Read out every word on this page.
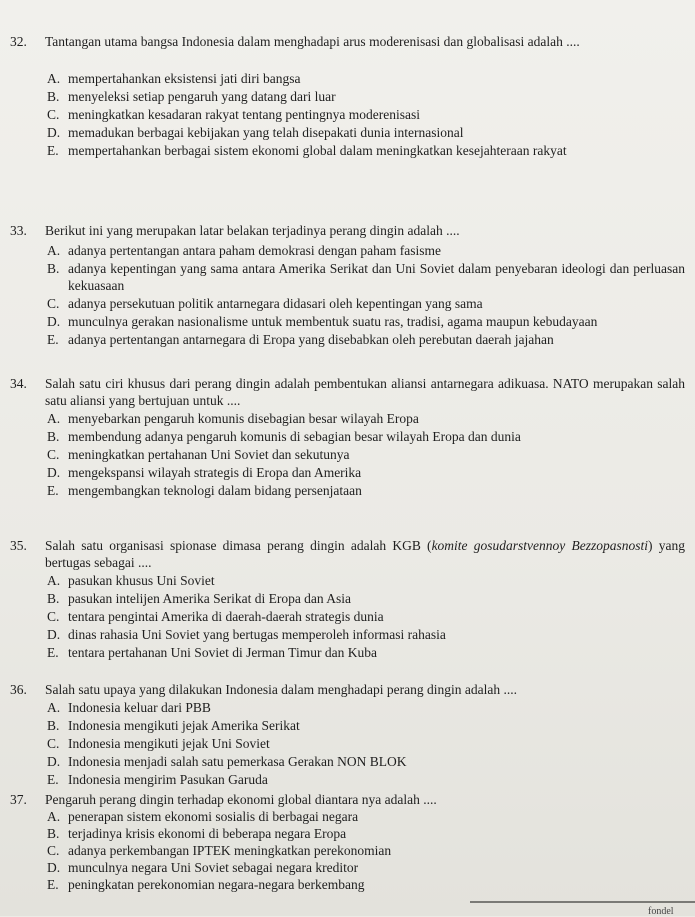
32. Tantangan utama bangsa Indonesia dalam menghadapi arus moderenisasi dan globalisasi adalah ....
A. mempertahankan eksistensi jati diri bangsa
B. menyeleksi setiap pengaruh yang datang dari luar
C. meningkatkan kesadaran rakyat tentang pentingnya moderenisasi
D. memadukan berbagai kebijakan yang telah disepakati dunia internasional
E. mempertahankan berbagai sistem ekonomi global dalam meningkatkan kesejahteraan rakyat
33. Berikut ini yang merupakan latar belakan terjadinya perang dingin adalah ....
A. adanya pertentangan antara paham demokrasi dengan paham fasisme
B. adanya kepentingan yang sama antara Amerika Serikat dan Uni Soviet dalam penyebaran ideologi dan perluasan kekuasaan
C. adanya persekutuan politik antarnegara didasari oleh kepentingan yang sama
D. munculnya gerakan nasionalisme untuk membentuk suatu ras, tradisi, agama maupun kebudayaan
E. adanya pertentangan antarnegara di Eropa yang disebabkan oleh perebutan daerah jajahan
34. Salah satu ciri khusus dari perang dingin adalah pembentukan aliansi antarnegara adikuasa. NATO merupakan salah satu aliansi yang bertujuan untuk ....
A. menyebarkan pengaruh komunis disebagian besar wilayah Eropa
B. membendung adanya pengaruh komunis di sebagian besar wilayah Eropa dan dunia
C. meningkatkan pertahanan Uni Soviet dan sekutunya
D. mengekspansi wilayah strategis di Eropa dan Amerika
E. mengembangkan teknologi dalam bidang persenjataan
35. Salah satu organisasi spionase dimasa perang dingin adalah KGB (komite gosudarstvennoy Bezzopasnosti) yang bertugas sebagai ....
A. pasukan khusus Uni Soviet
B. pasukan intelijen Amerika Serikat di Eropa dan Asia
C. tentara pengintai Amerika di daerah-daerah strategis dunia
D. dinas rahasia Uni Soviet yang bertugas memperoleh informasi rahasia
E. tentara pertahanan Uni Soviet di Jerman Timur dan Kuba
36. Salah satu upaya yang dilakukan Indonesia dalam menghadapi perang dingin adalah ....
A. Indonesia keluar dari PBB
B. Indonesia mengikuti jejak Amerika Serikat
C. Indonesia mengikuti jejak Uni Soviet
D. Indonesia menjadi salah satu pemerkasa Gerakan NON BLOK
E. Indonesia mengirim Pasukan Garuda
37. Pengaruh perang dingin terhadap ekonomi global diantara nya adalah ....
A. penerapan sistem ekonomi sosialis di berbagai negara
B. terjadinya krisis ekonomi di beberapa negara Eropa
C. adanya perkembangan IPTEK meningkatkan perekonomian
D. munculnya negara Uni Soviet sebagai negara kreditor
E. peningkatan perekonomian negara-negara berkembang
fondel
